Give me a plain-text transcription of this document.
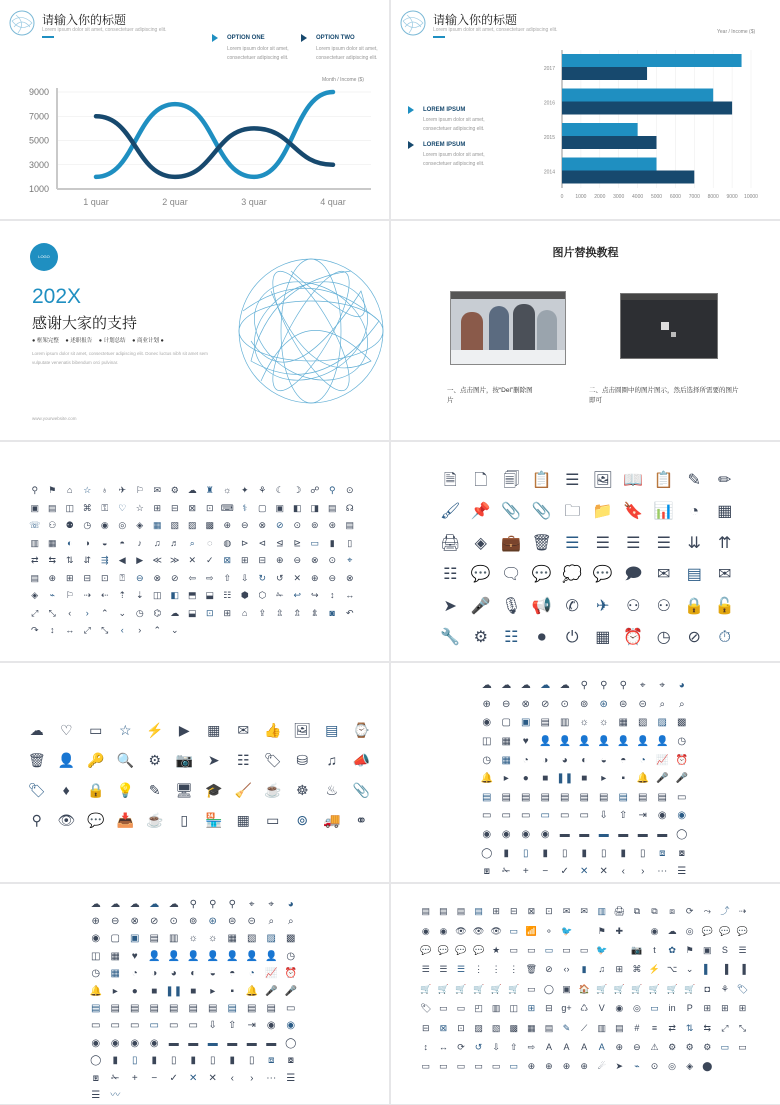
请输入你的标题
Lorem ipsum dolor sit amet, consectetuer adipiscing elit.
OPTION ONE
Lorem ipsum dolor sit amet, consectetuer adipiscing elit.
OPTION TWO
Lorem ipsum dolor sit amet, consectetuer adipiscing elit.
Month / Income ($)
9000
7000
5000
3000
1000
1 quar	2 quar	3 quar	4 quar
请输入你的标题
Lorem ipsum dolor sit amet, consectetuer adipiscing elit.	Year / Income ($)
LOREM IPSUM
Lorem ipsum dolor sit amet, consectetuer adipiscing elit.
LOREM IPSUM
Lorem ipsum dolor sit amet, consectetuer adipiscing elit.
0 1000 2000 3000 4000 5000 6000 7000 8000 9000 10000
2017
2016
2015
2014
LOGO
202X
感谢大家的支持
● 框架完整 ● 述职报告 ● 计划总结 ● 商业计划 ●
Lorem ipsum dolor sit amet, consectetuer adipiscing elit. Donec luctus nibh sit amet sem
vulputate venenatis bibendum orci pulvinar.
www.yourwebsite.com
图片替换教程
一、点击图片，按“Del”删除图片
二、点击圆圈中的图片图示，然后选择所需要的图片即可
⚲	⚑	⌂	☆	♁	✈	⚐	✉	⚙ ☁ ♜	☼	✦	⚘	☾	☽ ☍	⚲	⊙
▣ ▤ ◫ ⌘	⚿	♡	☆	⊞	⊟	⊠	⊡ ⌨ ⚕	▢ ▣ ◧ ◨ ▤	☊
☏ ⚇	⚉	◷	◉	◎	◈	▦ ▧ ▨ ▩	⊕	⊖	⊗	⊘	⊙	⊚	⊛	▤
▥ ▦	◐	◑	◒	◓	♪	♫	♬	⌕	◌	◍	⊳	⊲	⊴	⊵	▭	▮	▯
⇄	⇆	⇅	⇵	⇶	◀	▶	≪ ≫	✕	✓	⊠	⊞	⊟	⊕	⊖	⊗	⊙	⌖
▤	⊕	⊞	⊟	⊡	⍰	⊖	⊗	⊘	⇦	⇨	⇧	⇩	↻	↺	✕	⊕	⊖	⊗
◈	⌁	⚐	⇢	⇠	⇡	⇣	◫ ◧ ⬒ ⬓	☷	⬢	⬡	✁	↩	↪	↕	↔
⤢	⤡	‹	›	⌃	⌄	◷	⌬	☁ ⬓	⊡	⊞	⌂	⇪	⇫	⇬	⇭	◙	↶
↷	↕	↔	⤢	⤡	‹	›	⌃	⌄
🗎	🗋	🗐 📋 ☰ 🖼 📖 📋 ✎	✏
🖌 📌 📎 📎 🗀 📁 🔖 📊 ◔	▦
🖨 ◈ 💼 🗑 ☰	☰	☰	☰	⇊	⇈
☷ 💬 🗨 💬 💭 💬 🗩 ✉	▤	✉
➤ 🎤 🎙 📢 ✆	✈	⚇	⚇ 🔒 🔓
🔧 ⚙	☷	⏺	⏻	▦ ⏰ ◷	⊘	⏱
☁	♡	▭	☆	⚡	▶	▦	✉	👍 🖼 ▤	⌚
🗑 👤 🔑 🔍	⚙	📷	➤	☷	🏷	⛁	♫	📣
🏷	♦	🔒 💡	✎	🖥 🎓 🧹 ☕	☸	♨	📎
⚲	👁 💬 📥 ☕	▯	🏪	▦	▭	⊚	🚚	⚭
☁ ☁ ☁ ☁ ☁	⚲	⚲	⚲	⌖	⌖	◕
⊕	⊖	⊗	⊘	⊙	⊚	⊛	⊜	⊝	⌕	⌕
◉	▢	▣	▤	▥	☼	☼	▦	▧	▨	▩
◫	▦	♥	👤 👤 👤 👤 👤 👤 👤 ◷
◷	▦	◔	◑	◕	◐	◒	◓	◔	📈 ⏰
🔔	▸	●	■ ❚❚ ■	▸	▪	🔔 🎤 🎤
▤	▤	▤	▤	▤	▤	▤	▤	▤	▤	▭
▭	▭	▭	▭	▭	▭	⇩	⇧	⇥	◉	◉
◉	◉	◉	◉	▬ ▬ ▬ ▬ ▬ ▬ ◯
◯	▮	▯	▮	▯	▮	▯	▮	▯	⧈	⧇
⧆	✁	+	−	✓	✕	✕	‹	›	⋯	☰
☁ ☁ ☁ ☁ ☁	⚲	⚲	⚲	⌖	⌖	◕
⊕	⊖	⊗	⊘	⊙	⊚	⊛	⊜	⊝	⌕	⌕
◉	▢	▣	▤	▥	☼	☼	▦	▧	▨	▩
◫	▦	♥	👤 👤 👤 👤 👤 👤 👤 ◷
◷	▦	◔	◑	◕	◐	◒	◓	◔	📈 ⏰
🔔	▸	●	■ ❚❚ ■	▸	▪	🔔 🎤 🎤
▤	▤	▤	▤	▤	▤	▤	▤	▤	▤	▭
▭	▭	▭	▭	▭	▭	⇩	⇧	⇥	◉	◉
◉	◉	◉	◉	▬ ▬ ▬ ▬ ▬ ▬ ◯
◯	▮	▯	▮	▯	▮	▯	▮	▯	⧈	⧇
⧆	✁	+	−	✓	✕	✕	‹	›	⋯	☰
☰	〰
▤	▤	▤	▤	⊞	⊟	⊠	⊡	✉	✉	▥ 🖨 ⧉	⧉	⧈	⟳	⤳	⤴	⇢
◉	◉ 👁 👁 👁 ▭ 📶 ⚬ 🐦	⚑	✚	◉	☁	◎ 💬 💬 💬
💬 💬 💬 💬 ★	▭	▭	▭	▭	▭ 🐦	📷	t	✿	⚑	▣	S	☰
☰	☰	☰	⋮ ⋮ ⋮ 🗑 ⊘	‹›	▮	♫	⊞	⌘ ⚡ ⌥ ⌄	▌	▐	▐
🛒 🛒 🛒 🛒 🛒 🛒 ▭ ◯ ▣ 🏠 🛒 🛒 🛒 🛒 🛒 🛒	◘	⚘ 🏷
🏷 ▭	▭	◰	▥	◫	⊞	⊟ g+ ♺	V	◉	◎	▭	in	P	⊞	⊞	⊞
⊟	⊠	⊡	▨	▧	▩	▦	▤	✎	⟋	▥	▤	#	≡	⇄	⇅	⇆	⤢	⤡
↕	↔	⟳	↺	⇩	⇧	⇨	A	A	A	A	⊕	⊖	⚠	⚙	⚙	⚙	▭	▭
▭	▭	▭	▭	▭	▭	⊕	⊕	⊕	⊕	☄	➤	⌁	⊙	◎	◈	⬤
